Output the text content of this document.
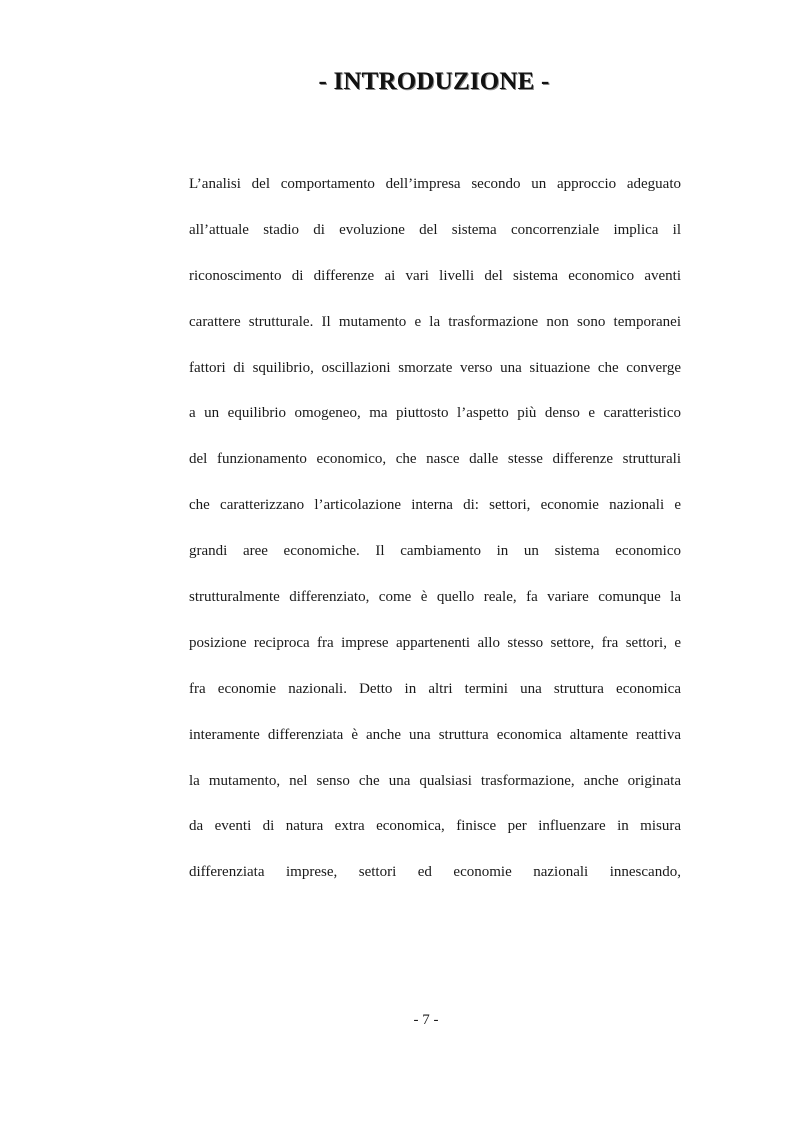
- INTRODUZIONE -
L’analisi del comportamento dell’impresa secondo un approccio adeguato
all’attuale stadio di evoluzione del sistema concorrenziale implica il
riconoscimento di differenze ai vari livelli del sistema economico aventi
carattere strutturale. Il mutamento e la trasformazione non sono temporanei
fattori di squilibrio, oscillazioni smorzate verso una situazione che converge
a un equilibrio omogeneo, ma piuttosto l’aspetto più denso e caratteristico
del funzionamento economico, che nasce dalle stesse differenze strutturali
che caratterizzano l’articolazione interna di: settori, economie nazionali e
grandi aree economiche. Il cambiamento in un sistema economico
strutturalmente differenziato, come è quello reale, fa variare comunque la
posizione reciproca fra imprese appartenenti allo stesso settore, fra settori, e
fra economie nazionali. Detto in altri termini una struttura economica
interamente differenziata è anche una struttura economica altamente reattiva
la mutamento, nel senso che una qualsiasi trasformazione, anche originata
da eventi di natura extra economica, finisce per influenzare in misura
differenziata imprese, settori ed economie nazionali innescando,
- 7 -
